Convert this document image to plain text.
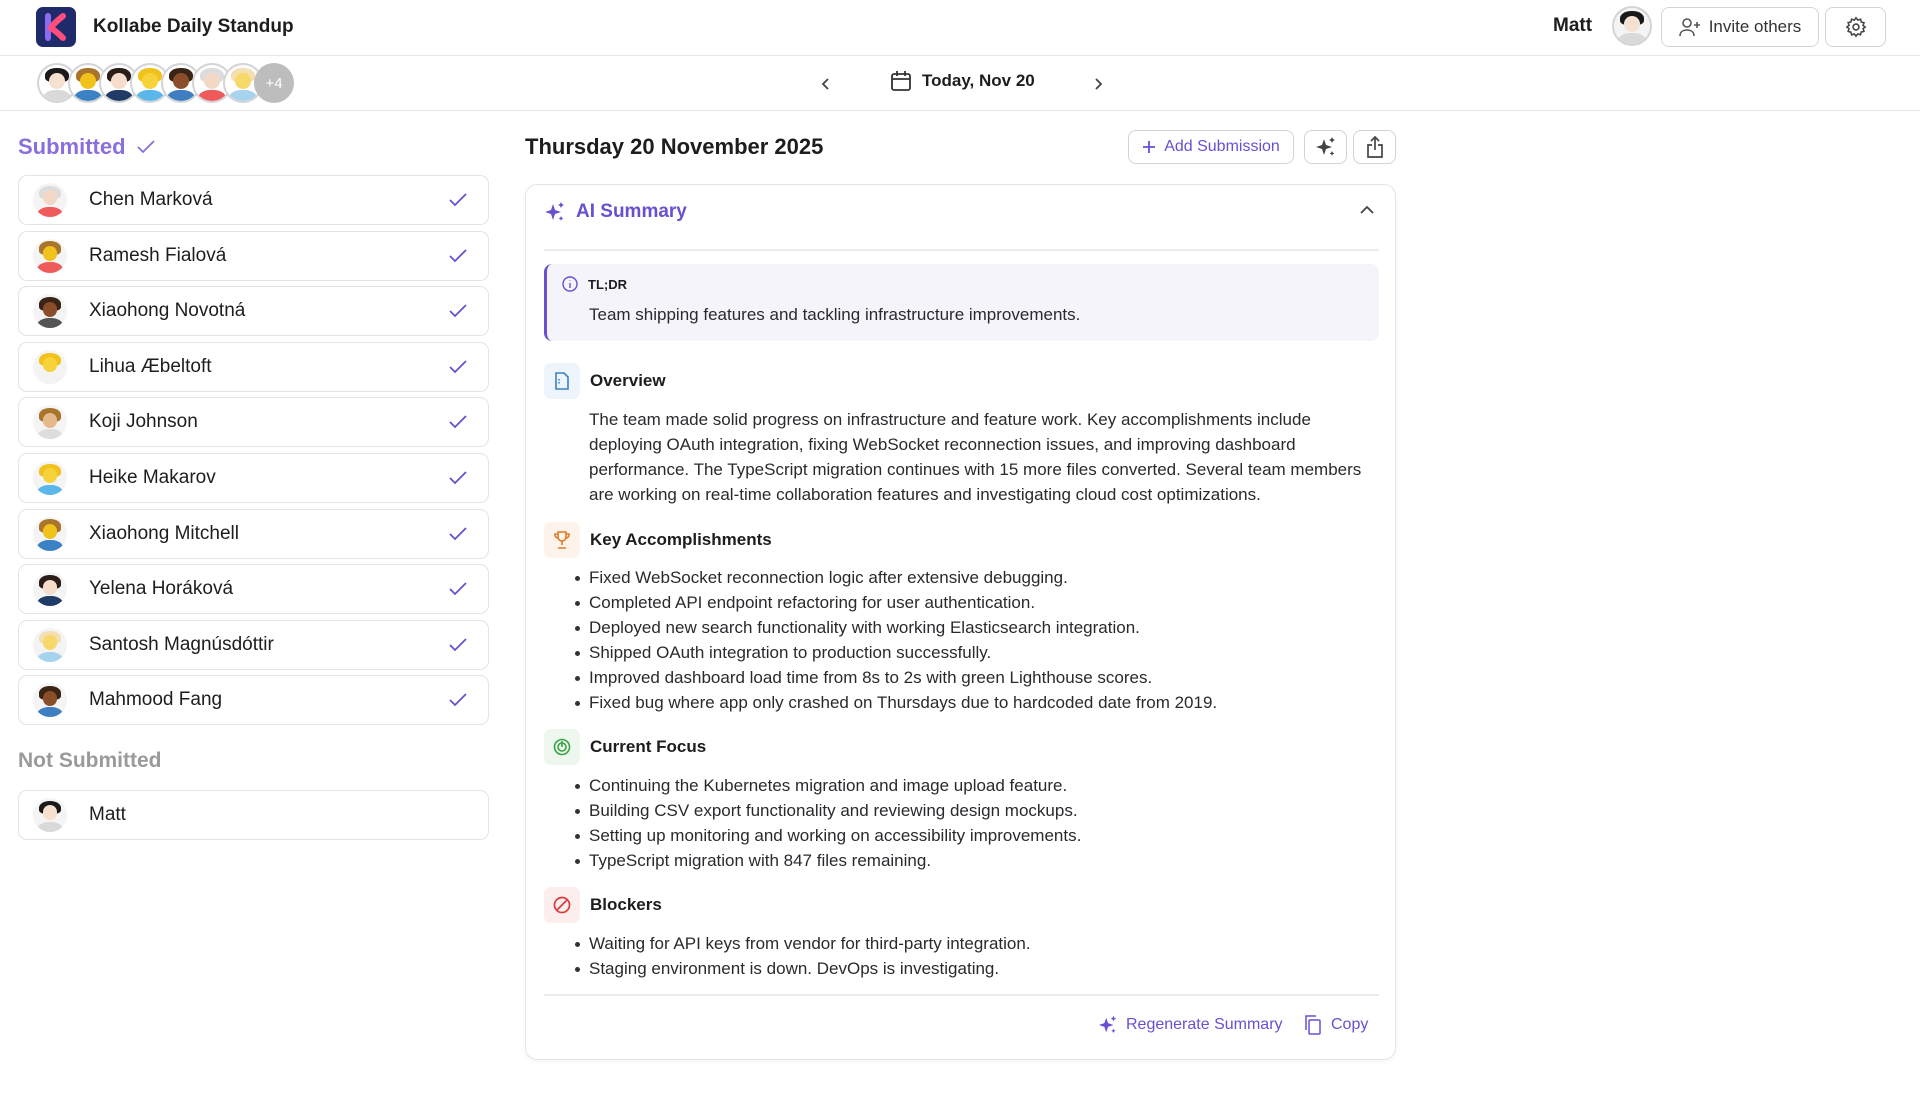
Kollabe Daily Standup	Matt	Invite others
+4	Today, Nov 20
Submitted
Chen Marková
Ramesh Fialová
Xiaohong Novotná
Lihua Æbeltoft
Koji Johnson
Heike Makarov
Xiaohong Mitchell
Yelena Horáková
Santosh Magnúsdóttir
Mahmood Fang
Not Submitted
Matt
Thursday 20 November 2025	Add Submission
AI Summary
TL;DR
Team shipping features and tackling infrastructure improvements.
Overview
The team made solid progress on infrastructure and feature work. Key accomplishments include deploying OAuth integration, fixing WebSocket reconnection issues, and improving dashboard performance. The TypeScript migration continues with 15 more files converted. Several team members are working on real-time collaboration features and investigating cloud cost optimizations.
Key Accomplishments
Fixed WebSocket reconnection logic after extensive debugging.
Completed API endpoint refactoring for user authentication.
Deployed new search functionality with working Elasticsearch integration.
Shipped OAuth integration to production successfully.
Improved dashboard load time from 8s to 2s with green Lighthouse scores.
Fixed bug where app only crashed on Thursdays due to hardcoded date from 2019.
Current Focus
Continuing the Kubernetes migration and image upload feature.
Building CSV export functionality and reviewing design mockups.
Setting up monitoring and working on accessibility improvements.
TypeScript migration with 847 files remaining.
Blockers
Waiting for API keys from vendor for third-party integration.
Staging environment is down. DevOps is investigating.
Regenerate Summary	Copy
